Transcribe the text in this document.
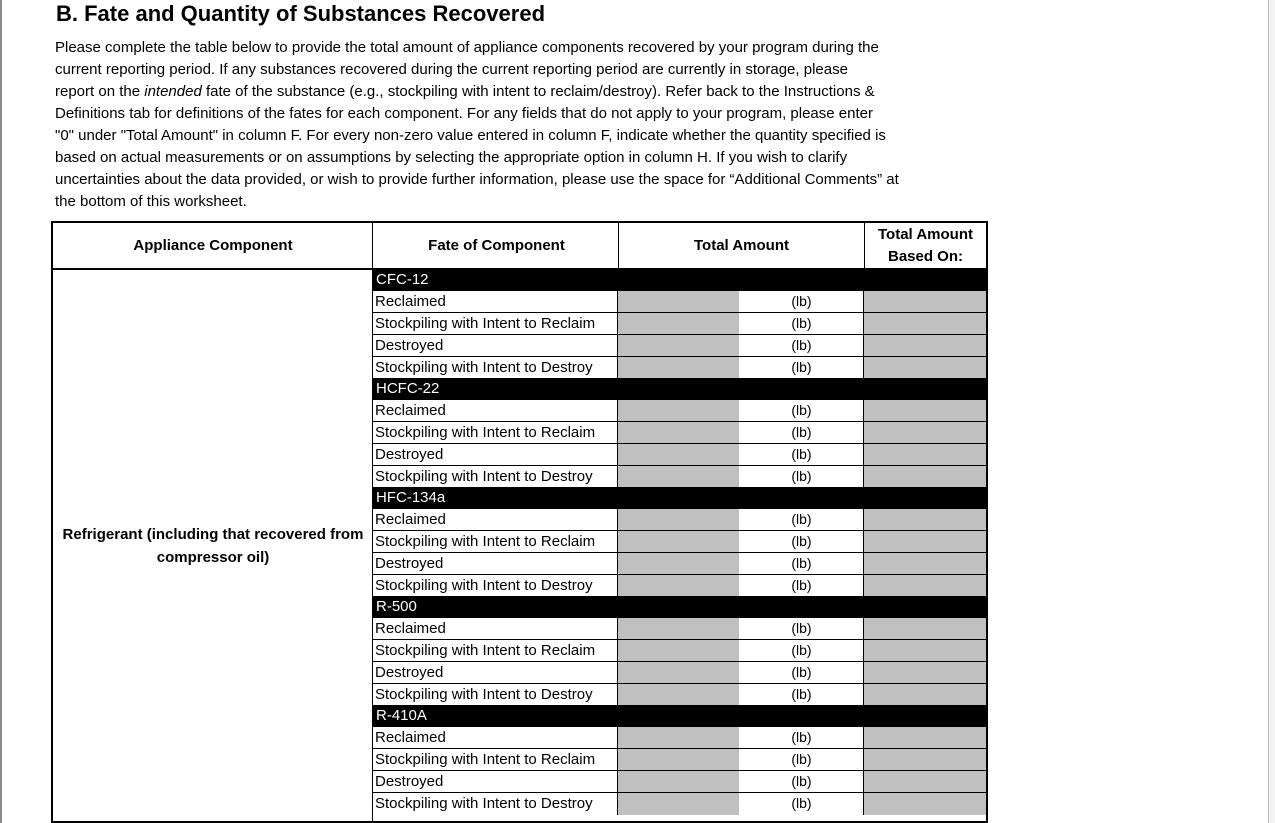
B. Fate and Quantity of Substances Recovered

Please complete the table below to provide the total amount of appliance components recovered by your program during the

current reporting period. If any substances recovered during the current reporting period are currently in storage, please

report on the intended fate of the substance (e.g., stockpiling with intent to reclaim/destroy). Refer back to the Instructions &

Definitions tab for definitions of the fates for each component. For any fields that do not apply to your program, please enter

"0" under "Total Amount" in column F. For every non-zero value entered in column F, indicate whether the quantity specified is

based on actual measurements or on assumptions by selecting the appropriate option in column H. If you wish to clarify

uncertainties about the data provided, or wish to provide further information, please use the space for “Additional Comments” at

the bottom of this worksheet.

Appliance Component	Fate of Component	Total Amount
Total Amount
Based On:
Refrigerant (including that recovered from compressor oil)
CFC-12
Reclaimed	(lb)
Stockpiling with Intent to Reclaim	(lb)
Destroyed	(lb)
Stockpiling with Intent to Destroy	(lb)
HCFC-22
Reclaimed	(lb)
Stockpiling with Intent to Reclaim	(lb)
Destroyed	(lb)
Stockpiling with Intent to Destroy	(lb)
HFC-134a
Reclaimed	(lb)
Stockpiling with Intent to Reclaim	(lb)
Destroyed	(lb)
Stockpiling with Intent to Destroy	(lb)
R-500
Reclaimed	(lb)
Stockpiling with Intent to Reclaim	(lb)
Destroyed	(lb)
Stockpiling with Intent to Destroy	(lb)
R-410A
Reclaimed	(lb)
Stockpiling with Intent to Reclaim	(lb)
Destroyed	(lb)
Stockpiling with Intent to Destroy	(lb)
